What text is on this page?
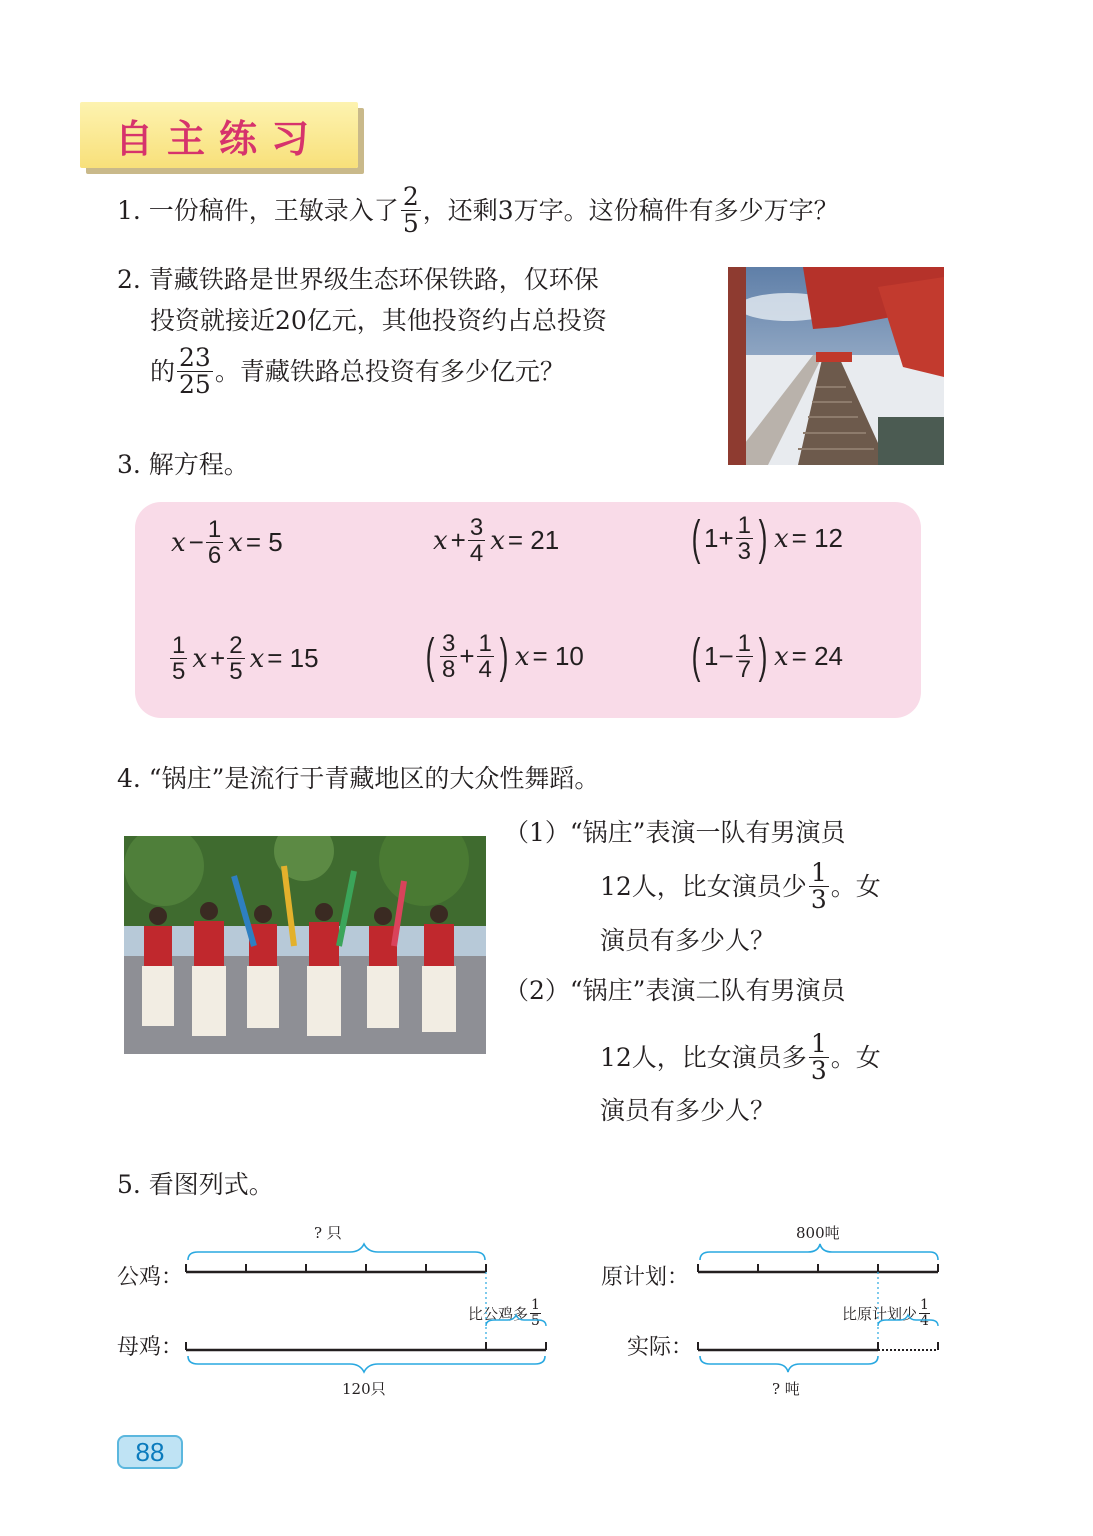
自主练习
1. 一份稿件，王敏录入了 $\frac{2}{5}$ ，还剩3万字。这份稿件有多少万字？
2. 青藏铁路是世界级生态环保铁路，仅环保
投资就接近20亿元，其他投资约占总投资
的 $\frac{23}{25}$ 。青藏铁路总投资有多少亿元？
3. 解方程。
$x - \frac{1}{6}$ x = 5	$x + \frac{3}{4}$ x = 21	( $1 + \frac{1}{3}$ ) x = 12
$\frac{1}{5}$ $x + \frac{2}{5}$ x = 15 ( $\frac{3}{8} + \frac{1}{4}$ ) x = 10 ( $1 - \frac{1}{7}$ ) x = 24
4. “锅庄”是流行于青藏地区的大众性舞蹈。
（1）“锅庄”表演一队有男演员
12人，比女演员少 $\frac{1}{3}$ 。女
演员有多少人？
（2）“锅庄”表演二队有男演员
12人，比女演员多 $\frac{1}{3}$ 。女
演员有多少人？
5. 看图列式。
? 只
公鸡：
母鸡：
比公鸡多 $\frac{1}{5}$
120只
800吨
原计划：
实际：
比原计划少 $\frac{1}{4}$
? 吨
88
